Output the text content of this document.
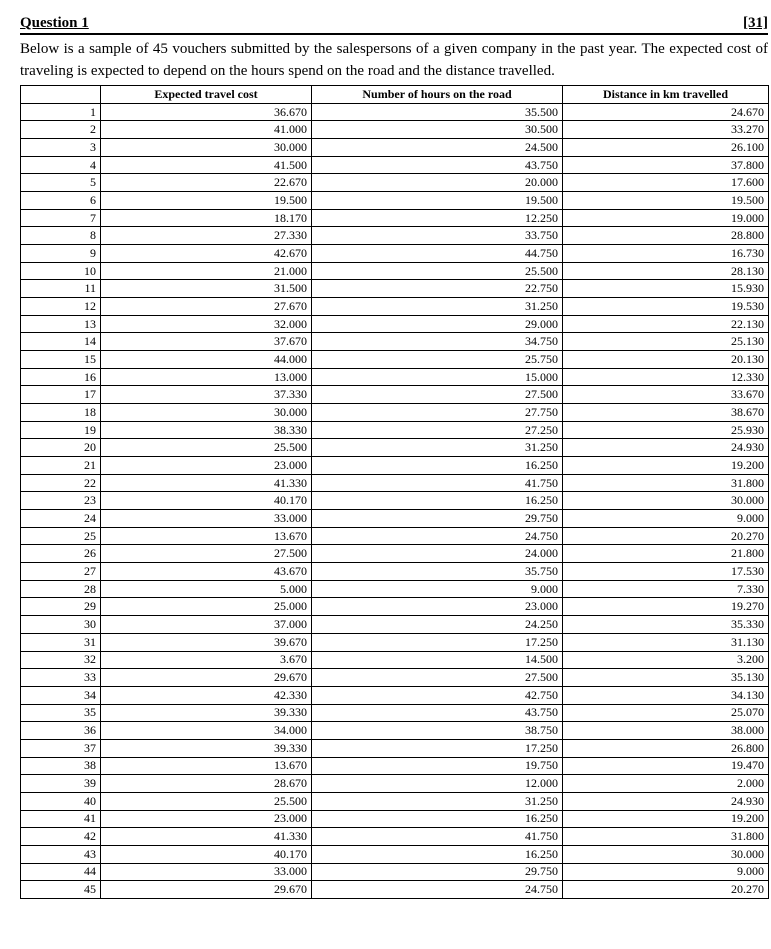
Question 1	[31]
Below is a sample of 45 vouchers submitted by the salespersons of a given company in the past year. The expected cost of traveling is expected to depend on the hours spend on the road and the distance travelled.
	Expected travel cost	Number of hours on the road	Distance in km travelled
1	36.670	35.500	24.670
2	41.000	30.500	33.270
3	30.000	24.500	26.100
4	41.500	43.750	37.800
5	22.670	20.000	17.600
6	19.500	19.500	19.500
7	18.170	12.250	19.000
8	27.330	33.750	28.800
9	42.670	44.750	16.730
10	21.000	25.500	28.130
11	31.500	22.750	15.930
12	27.670	31.250	19.530
13	32.000	29.000	22.130
14	37.670	34.750	25.130
15	44.000	25.750	20.130
16	13.000	15.000	12.330
17	37.330	27.500	33.670
18	30.000	27.750	38.670
19	38.330	27.250	25.930
20	25.500	31.250	24.930
21	23.000	16.250	19.200
22	41.330	41.750	31.800
23	40.170	16.250	30.000
24	33.000	29.750	9.000
25	13.670	24.750	20.270
26	27.500	24.000	21.800
27	43.670	35.750	17.530
28	5.000	9.000	7.330
29	25.000	23.000	19.270
30	37.000	24.250	35.330
31	39.670	17.250	31.130
32	3.670	14.500	3.200
33	29.670	27.500	35.130
34	42.330	42.750	34.130
35	39.330	43.750	25.070
36	34.000	38.750	38.000
37	39.330	17.250	26.800
38	13.670	19.750	19.470
39	28.670	12.000	2.000
40	25.500	31.250	24.930
41	23.000	16.250	19.200
42	41.330	41.750	31.800
43	40.170	16.250	30.000
44	33.000	29.750	9.000
45	29.670	24.750	20.270
